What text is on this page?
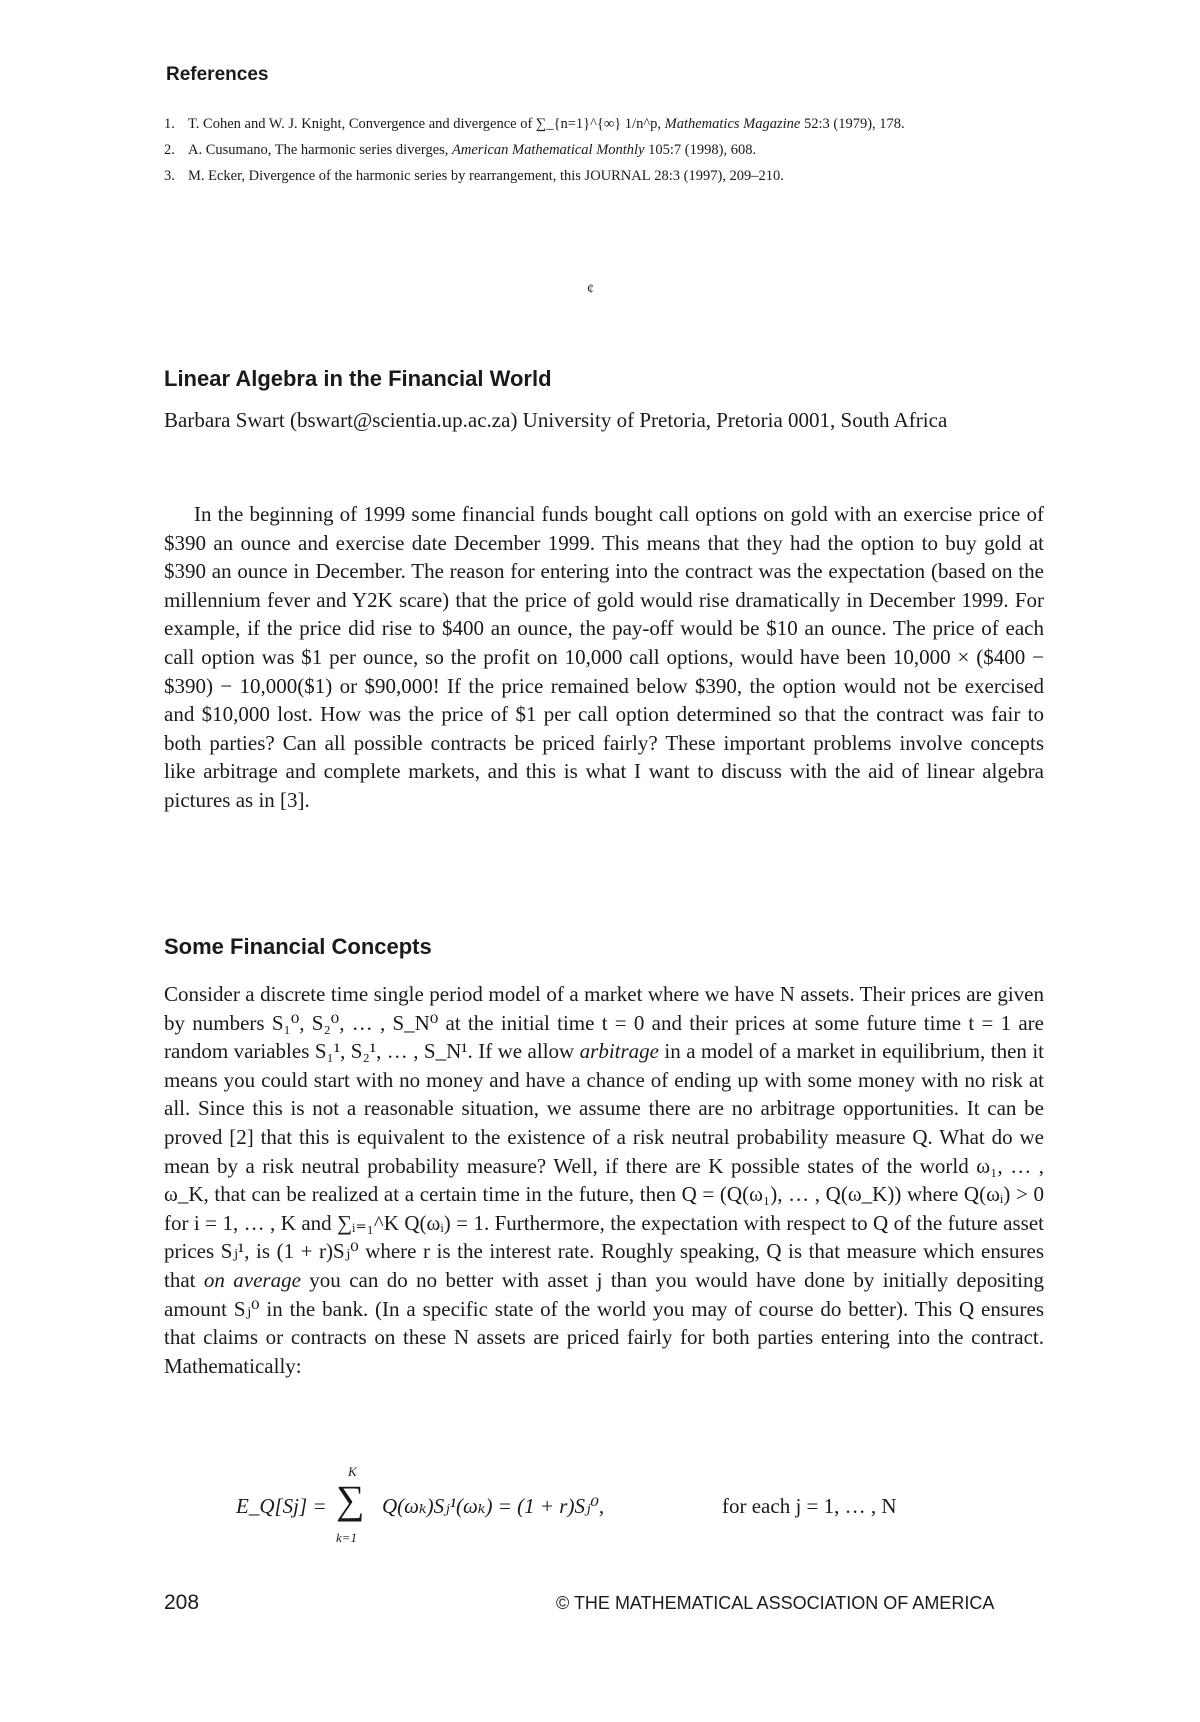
References
1. T. Cohen and W. J. Knight, Convergence and divergence of ∑_{n=1}^{∞} 1/n^p, Mathematics Magazine 52:3 (1979), 178.
2. A. Cusumano, The harmonic series diverges, American Mathematical Monthly 105:7 (1998), 608.
3. M. Ecker, Divergence of the harmonic series by rearrangement, this JOURNAL 28:3 (1997), 209–210.
¢
Linear Algebra in the Financial World
Barbara Swart (bswart@scientia.up.ac.za) University of Pretoria, Pretoria 0001, South Africa

In the beginning of 1999 some financial funds bought call options on gold with an exercise price of $390 an ounce and exercise date December 1999. This means that they had the option to buy gold at $390 an ounce in December. The reason for entering into the contract was the expectation (based on the millennium fever and Y2K scare) that the price of gold would rise dramatically in December 1999. For example, if the price did rise to $400 an ounce, the pay-off would be $10 an ounce. The price of each call option was $1 per ounce, so the profit on 10,000 call options, would have been 10,000 × ($400 − $390) − 10,000($1) or $90,000! If the price remained below $390, the option would not be exercised and $10,000 lost. How was the price of $1 per call option determined so that the contract was fair to both parties? Can all possible contracts be priced fairly? These important problems involve concepts like arbitrage and complete markets, and this is what I want to discuss with the aid of linear algebra pictures as in [3].

Some Financial Concepts

Consider a discrete time single period model of a market where we have N assets. Their prices are given by numbers S₁⁰, S₂⁰, … , S_N⁰ at the initial time t = 0 and their prices at some future time t = 1 are random variables S₁¹, S₂¹, … , S_N¹. If we allow arbitrage in a model of a market in equilibrium, then it means you could start with no money and have a chance of ending up with some money with no risk at all. Since this is not a reasonable situation, we assume there are no arbitrage opportunities. It can be proved [2] that this is equivalent to the existence of a risk neutral probability measure Q. What do we mean by a risk neutral probability measure? Well, if there are K possible states of the world ω₁, … , ω_K, that can be realized at a certain time in the future, then Q = (Q(ω₁), … , Q(ω_K)) where Q(ωᵢ) > 0 for i = 1, … , K and ∑ᵢ₌₁^K Q(ωᵢ) = 1. Furthermore, the expectation with respect to Q of the future asset prices Sⱼ¹, is (1 + r)Sⱼ⁰ where r is the interest rate. Roughly speaking, Q is that measure which ensures that on average you can do no better with asset j than you would have done by initially depositing amount Sⱼ⁰ in the bank. (In a specific state of the world you may of course do better). This Q ensures that claims or contracts on these N assets are priced fairly for both parties entering into the contract. Mathematically:

E_Q[Sj] =
K
∑
k=1
Q(ωₖ)Sⱼ¹(ωₖ) = (1 + r)Sⱼ⁰,	for each j = 1, … , N
208	© THE MATHEMATICAL ASSOCIATION OF AMERICA
